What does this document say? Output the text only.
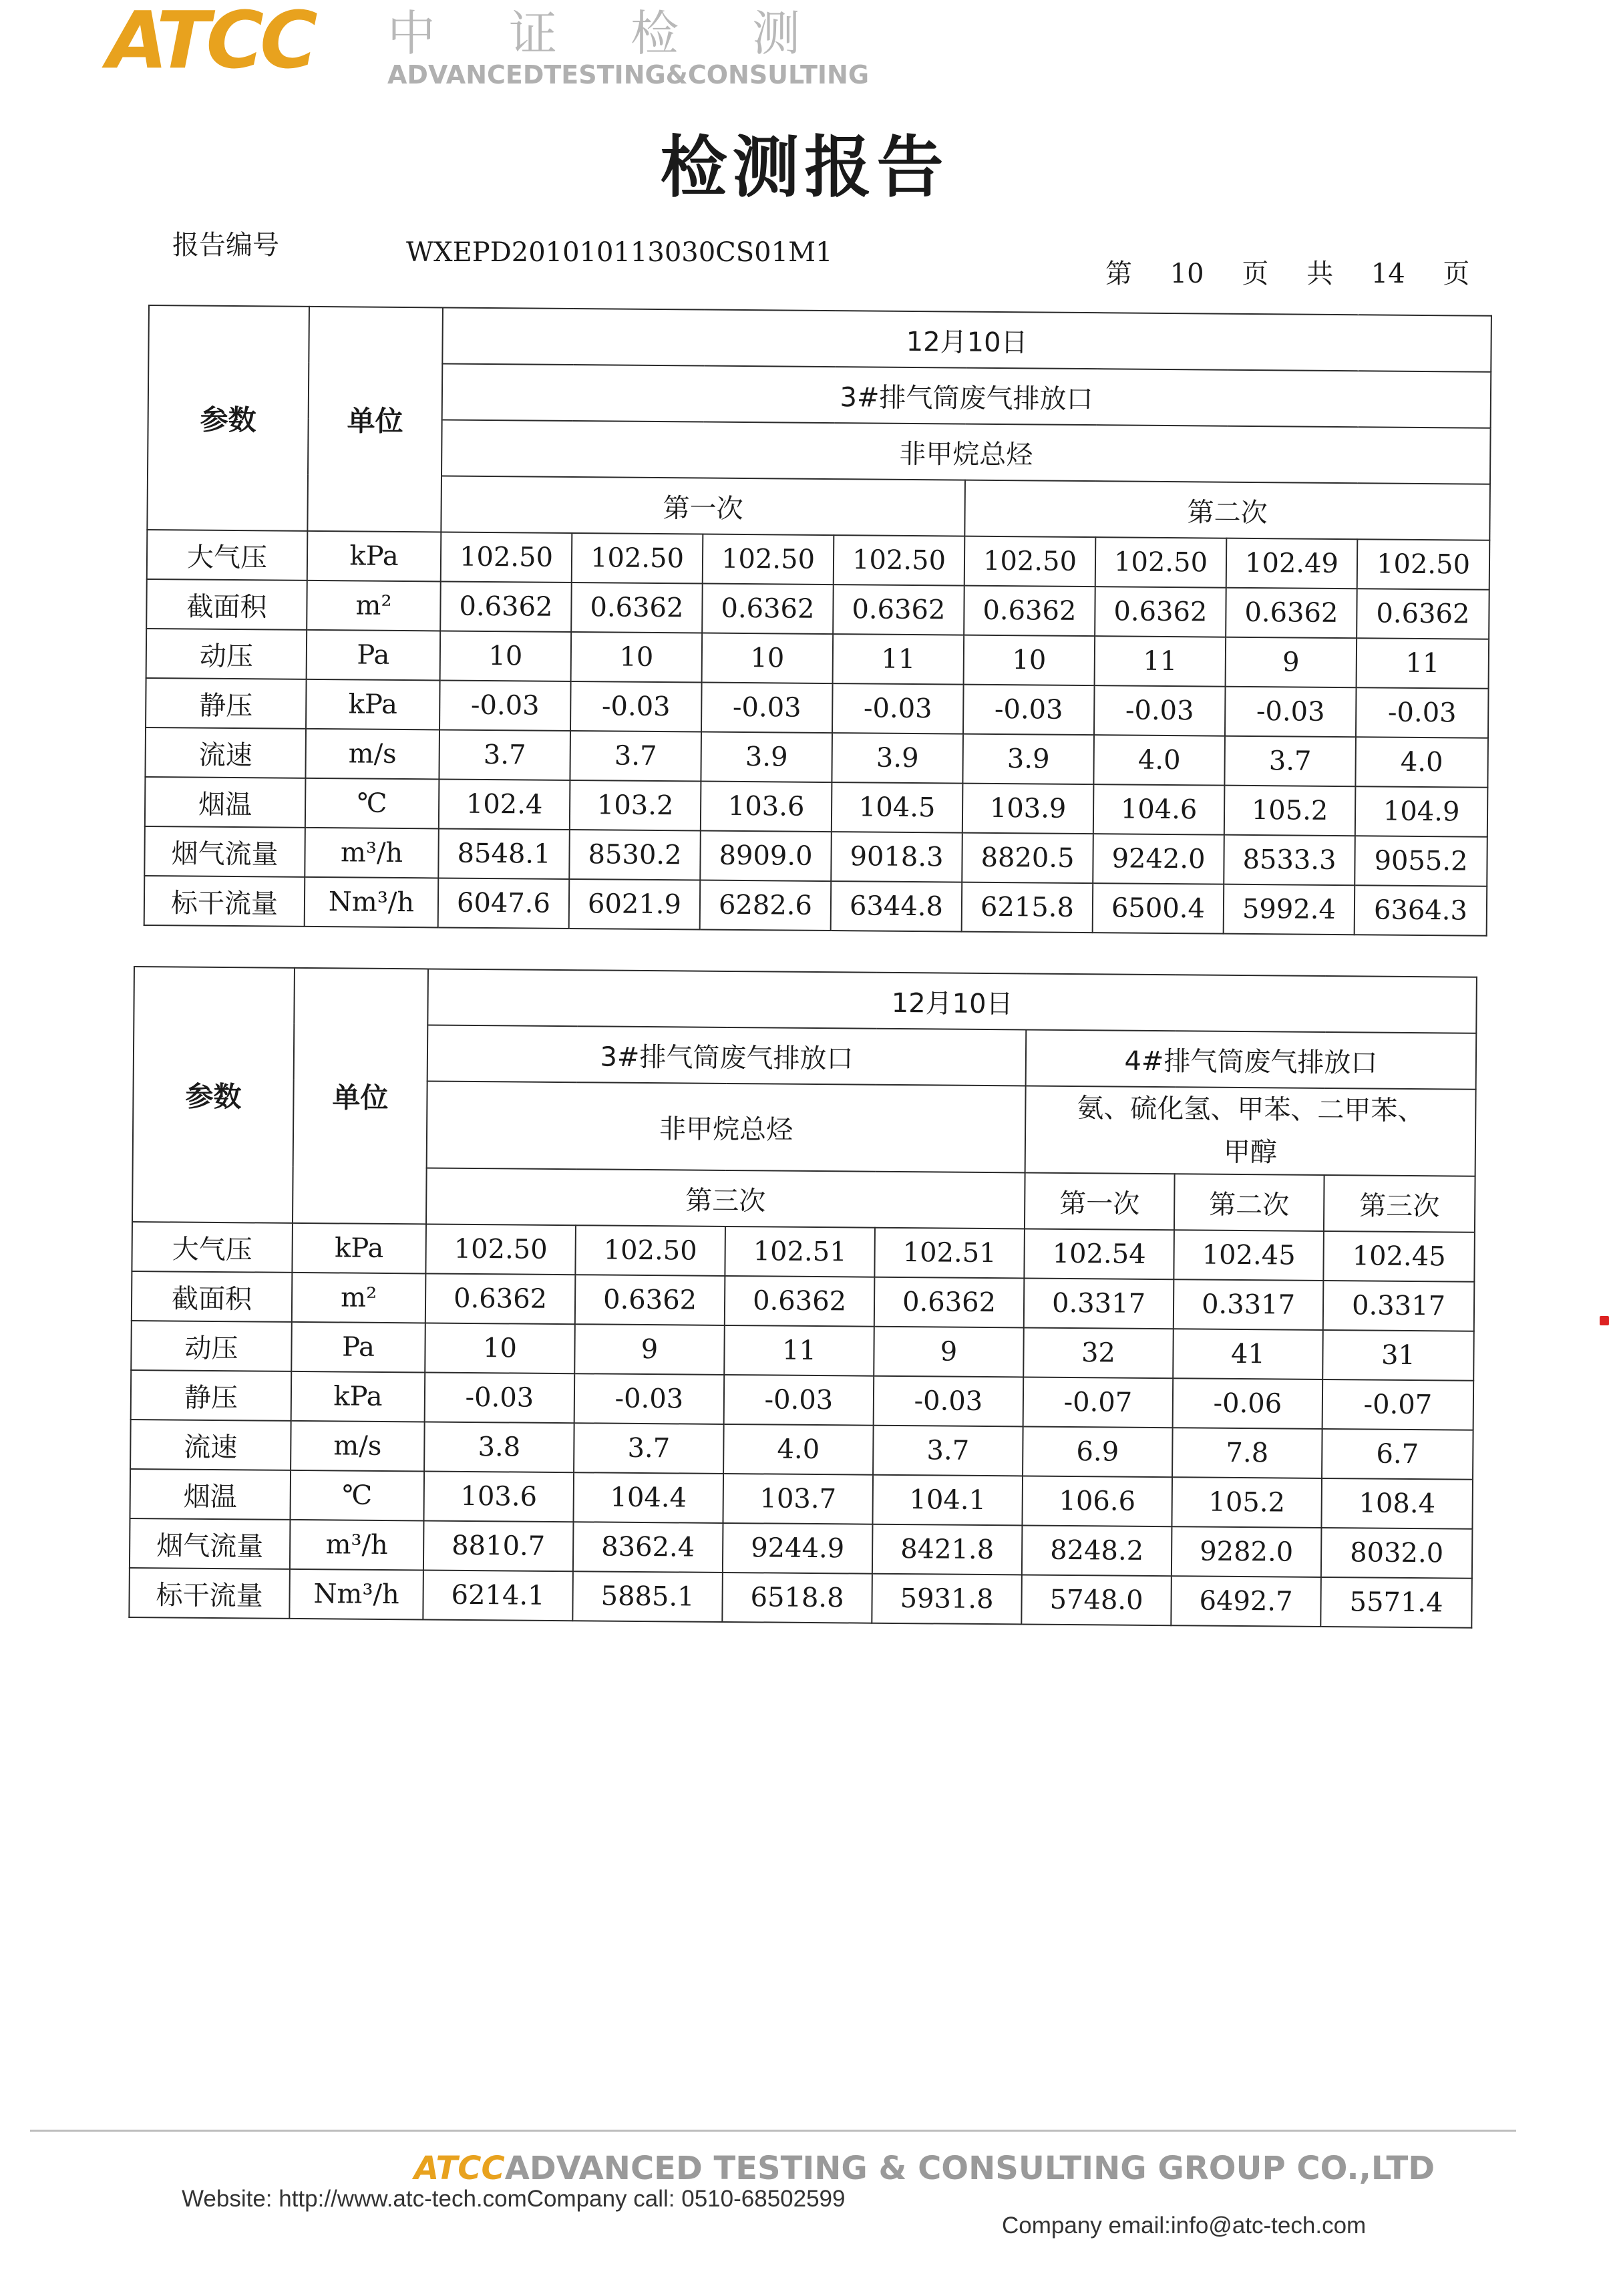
ATCC 中证检测
ADVANCEDTESTING&CONSULTING
检测报告
报告编号	WXEPD201010113030CS01M1
第 10 页 共 14 页
参数	单位	12月10日							
		3#排气筒废气排放口							
		非甲烷总烃							
		第一次				第二次			
大气压	kPa	102.50	102.50	102.50	102.50	102.50	102.50	102.49	102.50
截面积	m²	0.6362	0.6362	0.6362	0.6362	0.6362	0.6362	0.6362	0.6362
动压	Pa	10	10	10	11	10	11	9	11
静压	kPa	-0.03	-0.03	-0.03	-0.03	-0.03	-0.03	-0.03	-0.03
流速	m/s	3.7	3.7	3.9	3.9	3.9	4.0	3.7	4.0
烟温	℃	102.4	103.2	103.6	104.5	103.9	104.6	105.2	104.9
烟气流量	m³/h	8548.1	8530.2	8909.0	9018.3	8820.5	9242.0	8533.3	9055.2
标干流量	Nm³/h	6047.6	6021.9	6282.6	6344.8	6215.8	6500.4	5992.4	6364.3
参数	单位	12月10日						
		3#排气筒废气排放口				4#排气筒废气排放口		
		非甲烷总烃				氨、硫化氢、甲苯、二甲苯、甲醇		
		第三次				第一次	第二次	第三次
大气压	kPa	102.50	102.50	102.51	102.51	102.54	102.45	102.45
截面积	m²	0.6362	0.6362	0.6362	0.6362	0.3317	0.3317	0.3317
动压	Pa	10	9	11	9	32	41	31
静压	kPa	-0.03	-0.03	-0.03	-0.03	-0.07	-0.06	-0.07
流速	m/s	3.8	3.7	4.0	3.7	6.9	7.8	6.7
烟温	℃	103.6	104.4	103.7	104.1	106.6	105.2	108.4
烟气流量	m³/h	8810.7	8362.4	9244.9	8421.8	8248.2	9282.0	8032.0
标干流量	Nm³/h	6214.1	5885.1	6518.8	5931.8	5748.0	6492.7	5571.4
ATCCADVANCED TESTING & CONSULTING GROUP CO.,LTD
Website: http://www.atc-tech.comCompany call: 0510-68502599
Company email:info@atc-tech.com
